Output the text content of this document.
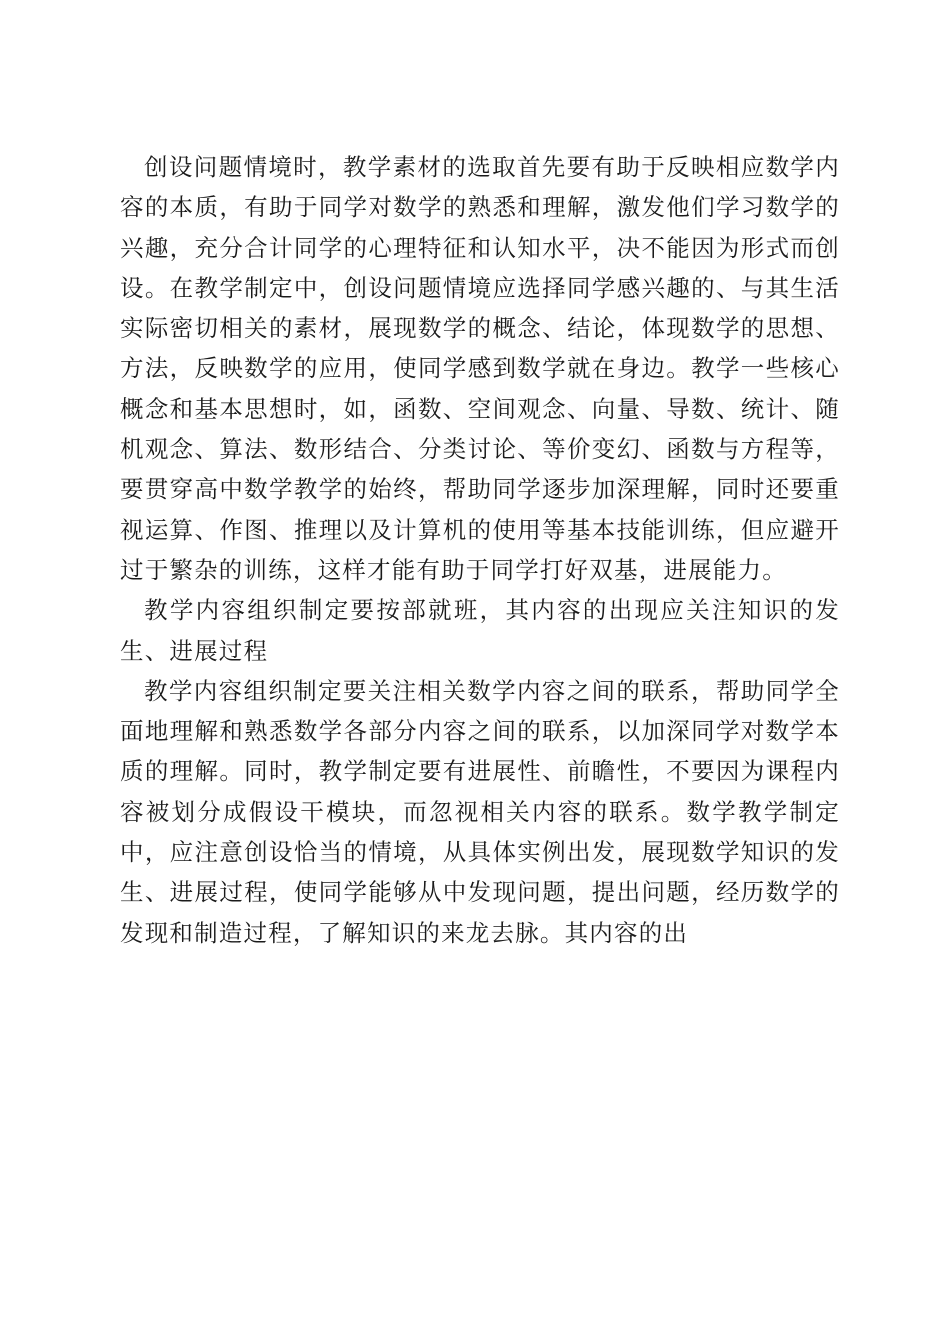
创设问题情境时，教学素材的选取首先要有助于反映相应数学内容的本质，有助于同学对数学的熟悉和理解，激发他们学习数学的兴趣，充分合计同学的心理特征和认知水平，决不能因为形式而创设。在教学制定中，创设问题情境应选择同学感兴趣的、与其生活实际密切相关的素材，展现数学的概念、结论，体现数学的思想、方法，反映数学的应用，使同学感到数学就在身边。教学一些核心概念和基本思想时，如，函数、空间观念、向量、导数、统计、随机观念、算法、数形结合、分类讨论、等价变幻、函数与方程等，要贯穿高中数学教学的始终，帮助同学逐步加深理解，同时还要重视运算、作图、推理以及计算机的使用等基本技能训练，但应避开过于繁杂的训练，这样才能有助于同学打好双基，进展能力。

教学内容组织制定要按部就班，其内容的出现应关注知识的发生、进展过程

教学内容组织制定要关注相关数学内容之间的联系，帮助同学全面地理解和熟悉数学各部分内容之间的联系，以加深同学对数学本质的理解。同时，教学制定要有进展性、前瞻性，不要因为课程内容被划分成假设干模块，而忽视相关内容的联系。数学教学制定中，应注意创设恰当的情境，从具体实例出发，展现数学知识的发生、进展过程，使同学能够从中发现问题，提出问题，经历数学的发现和制造过程，了解知识的来龙去脉。其内容的出
